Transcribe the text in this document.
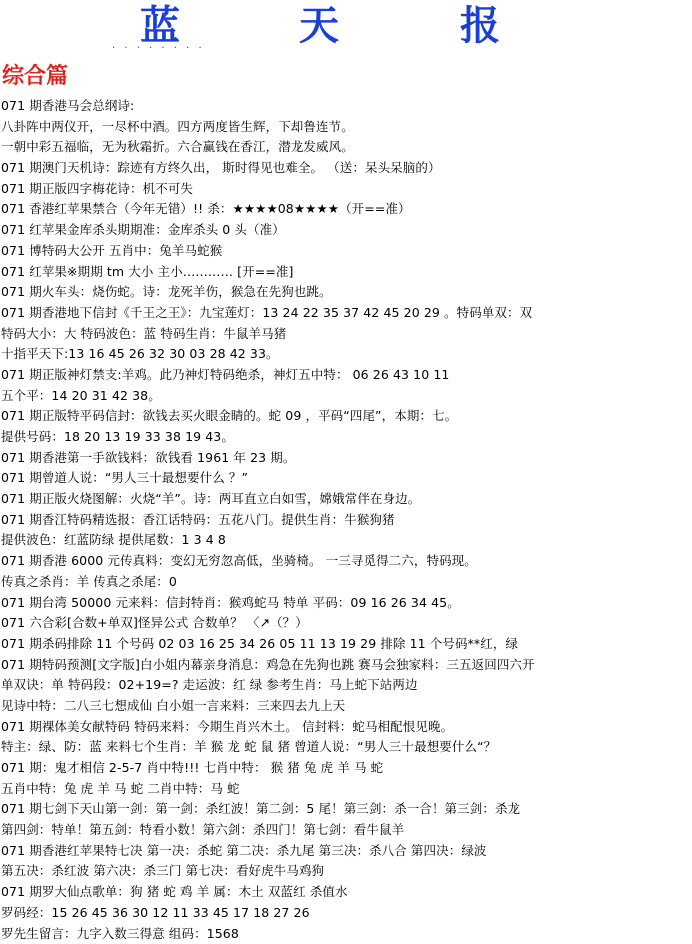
蓝	天	报
· · · · · · · ·
综合篇
071 期香港马会总纲诗:
八卦阵中两仪开，一尽杯中酒。四方两度皆生辉，下却鲁连节。
一朝中彩五福临，无为秋霜折。六合赢钱在香江，潜龙发威风。
071 期澳门天机诗：踪迹有方终久出， 斯时得见也难全。 （送：呆头呆脑的）
071 期正版四字梅花诗：机不可失
071 香港红苹果禁合（今年无错）!! 杀：★★★★08★★★★（开==准）
071 红苹果金库杀头期期准：金库杀头 0 头（准）
071 博特码大公开 五肖中：兔羊马蛇猴
071 红苹果※期期 tm 大小 主小………… [开==准]
071 期火车头：烧伤蛇。诗：龙死羊伤，猴急在先狗也跳。
071 期香港地下信封《千王之王》：九宝莲灯：13 24 22 35 37 42 45 20 29 。特码单双：双
特码大小：大 特码波色：蓝 特码生肖：牛鼠羊马猪
十指平天下:13 16 45 26 32 30 03 28 42 33。
071 期正版神灯禁支:羊鸡。此乃神灯特码绝杀，神灯五中特： 06 26 43 10 11
五个平：14 20 31 42 38。
071 期正版特平码信封：欲钱去买火眼金睛的。蛇 09 ，平码“四尾”，本期：七。
提供号码：18 20 13 19 33 38 19 43。
071 期香港第一手欲钱料：欲钱看 1961 年 23 期。
071 期曾道人说：“男人三十最想要什么 ？”
071 期正版火烧图解：火烧“羊”。诗：两耳直立白如雪，嫦娥常伴在身边。
071 期香江特码精选报：香江话特码：五花八门。提供生肖：牛猴狗猪
提供波色：红蓝防绿 提供尾数：1 3 4 8
071 期香港 6000 元传真料：变幻无穷忽高低，坐骑椅。 一三寻觅得二六，特码现。
传真之杀肖：羊 传真之杀尾：0
071 期台湾 50000 元来料：信封特肖：猴鸡蛇马 特单 平码：09 16 26 34 45。
071 六合彩[合数+单双]怪异公式 合数单？ 〈↗（？）
071 期杀码排除 11 个号码 02 03 16 25 34 26 05 11 13 19 29 排除 11 个号码**红，绿
071 期特码预测[文字版]白小姐内幕亲身消息：鸡急在先狗也跳 赛马会独家料：三五返回四六开
单双诀：单 特码段：02+19=? 走运波：红 绿 参考生肖：马上蛇下站两边
见诗中特：二八三七想成仙 白小姐一言来料：三来四去九上天
071 期裸体美女献特码 特码来料：今期生肖兴木土。 信封料：蛇马相配恨见晚。
特主：绿、防：蓝 来料七个生肖：羊 猴 龙 蛇 鼠 猪 曾道人说：“男人三十最想要什么“？
071 期：鬼才相信 2-5-7 肖中特!!! 七肖中特： 猴 猪 兔 虎 羊 马 蛇
五肖中特：兔 虎 羊 马 蛇 二肖中特：马 蛇
071 期七剑下天山第一剑：第一剑：杀红波！第二剑：5 尾！第三剑：杀一合！第三剑：杀龙
第四剑：特单！第五剑：特看小数！第六剑：杀四门！第七剑：看牛鼠羊
071 期香港红苹果特七决 第一决：杀蛇 第二决：杀九尾 第三决：杀八合 第四决：绿波
第五决：杀红波 第六决：杀三门 第七决：看好虎牛马鸡狗
071 期罗大仙点歌单：狗 猪 蛇 鸡 羊 属：木土 双蓝红 杀值水
罗码经：15 26 45 36 30 12 11 33 45 17 18 27 26
罗先生留言：九字入数三得意 组码：1568
